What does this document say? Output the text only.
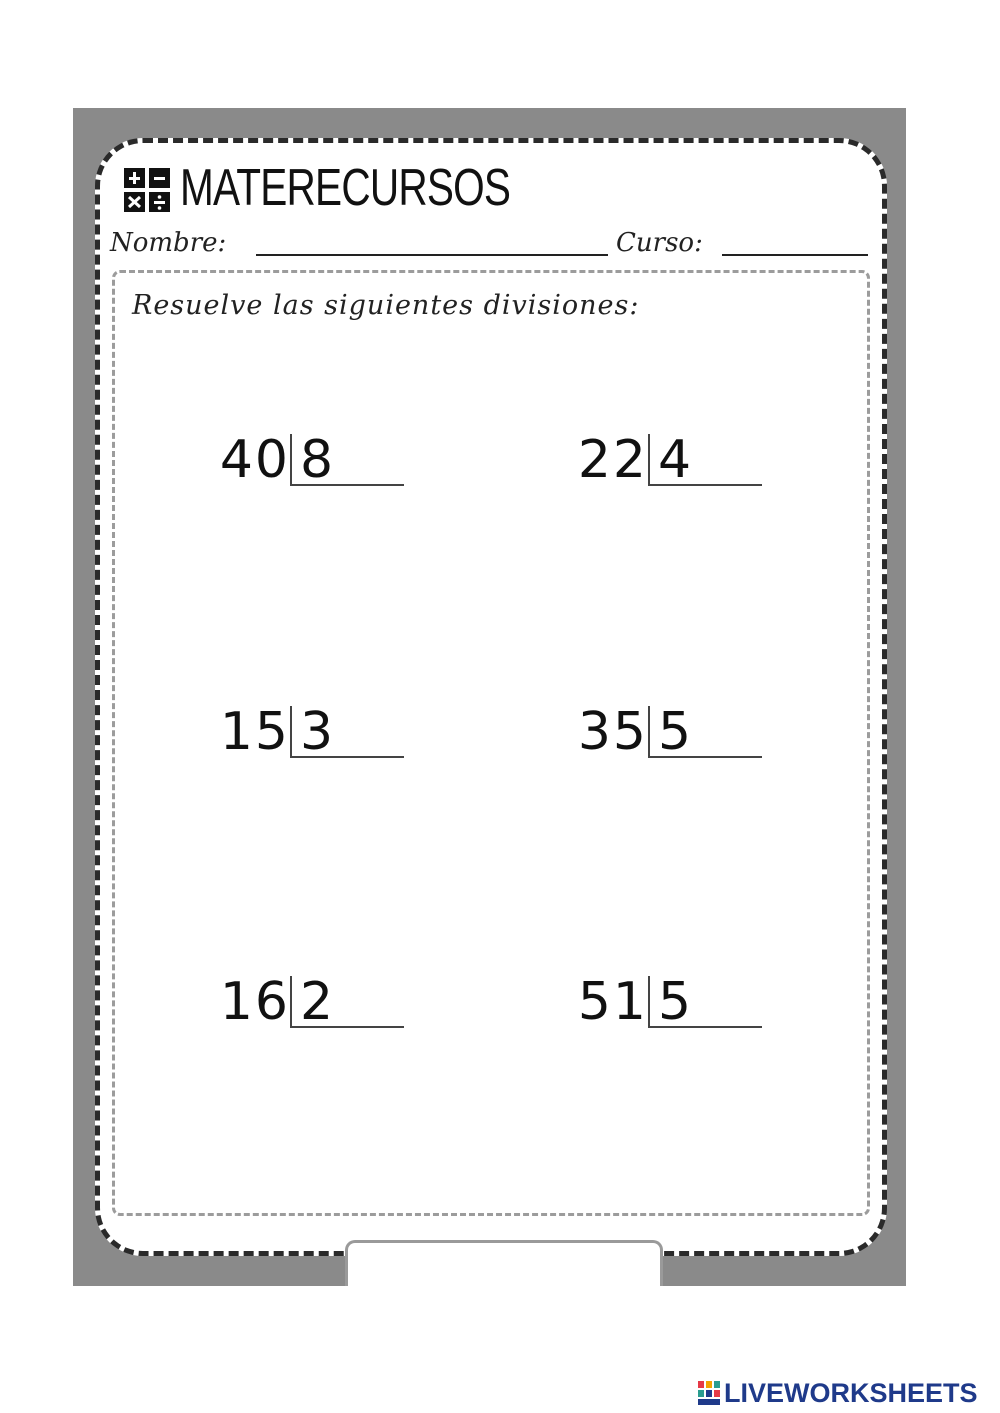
MATERECURSOS
Nombre:	Curso:
Resuelve las siguientes divisiones:
40 8	22 4
15 3	35 5
16 2	51 5
LIVEWORKSHEETS
